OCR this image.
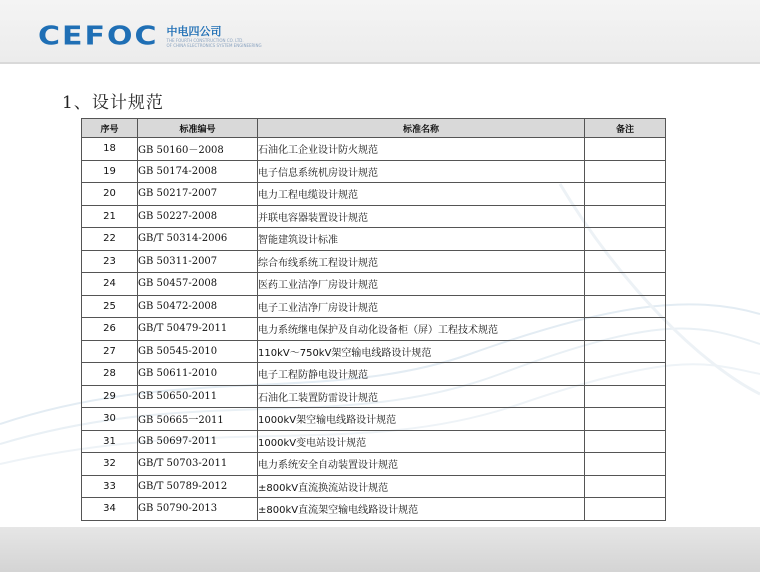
CEFOC 中电四公司
THE FOURTH CONSTRUCTION CO. LTD.
OF CHINA ELECTRONICS SYSTEM ENGINEERING
1、设计规范
序号	标准编号	标准名称	备注
18	GB 50160－2008	石油化工企业设计防火规范	
19	GB 50174-2008	电子信息系统机房设计规范	
20	GB 50217-2007	电力工程电缆设计规范	
21	GB 50227-2008	并联电容器装置设计规范	
22	GB/T 50314-2006	智能建筑设计标准	
23	GB 50311-2007	综合布线系统工程设计规范	
24	GB 50457-2008	医药工业洁净厂房设计规范	
25	GB 50472-2008	电子工业洁净厂房设计规范	
26	GB/T 50479-2011	电力系统继电保护及自动化设备柜（屏）工程技术规范	
27	GB 50545-2010	110kV～750kV架空输电线路设计规范	
28	GB 50611-2010	电子工程防静电设计规范	
29	GB 50650-2011	石油化工装置防雷设计规范	
30	GB 50665一2011	1000kV架空输电线路设计规范	
31	GB 50697-2011	1000kV变电站设计规范	
32	GB/T 50703-2011	电力系统安全自动装置设计规范	
33	GB/T 50789-2012	±800kV直流换流站设计规范	
34	GB 50790-2013	±800kV直流架空输电线路设计规范	
